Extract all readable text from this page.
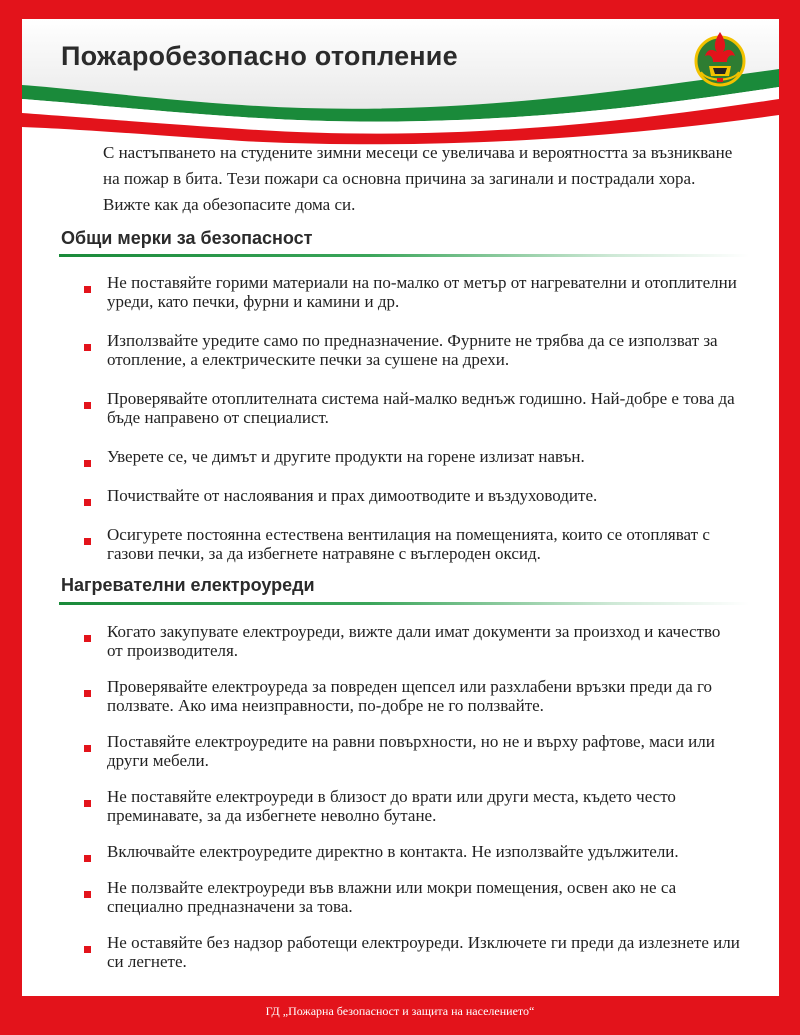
Пожаробезопасно отопление

С настъпването на студените зимни месеци се увеличава и вероятността за възникване на пожар в бита. Тези пожари са основна причина за загинали и пострадали хора. Вижте как да обезопасите дома си.

Общи мерки за безопасност
Не поставяйте горими материали на по-малко от метър от нагревателни и отоплителни уреди, като печки, фурни и камини и др.
Използвайте уредите само по предназначение. Фурните не трябва да се използват за отопление, а електрическите печки за сушене на дрехи.
Проверявайте отоплителната система най-малко веднъж годишно. Най-добре е това да бъде направено от специалист.
Уверете се, че димът и другите продукти на горене излизат навън.
Почиствайте от наслоявания и прах димоотводите и въздуховодите.
Осигурете постоянна естествена вентилация на помещенията, които се отопляват с газови печки, за да избегнете натравяне с въглероден оксид.
Нагревателни електроуреди
Когато закупувате електроуреди, вижте дали имат документи за произход и качество от производителя.
Проверявайте електроуреда за повреден щепсел или разхлабени връзки преди да го ползвате. Ако има неизправности, по-добре не го ползвайте.
Поставяйте електроуредите на равни повърхности, но не и върху рафтове, маси или други мебели.
Не поставяйте електроуреди в близост до врати или други места, където често преминавате, за да избегнете неволно бутане.
Включвайте електроуредите директно в контакта. Не използвайте удължители.
Не ползвайте електроуреди във влажни или мокри помещения, освен ако не са специално предназначени за това.
Не оставяйте без надзор работещи електроуреди. Изключете ги преди да излезнете или си легнете.
ГД „Пожарна безопасност и защита на населението“
